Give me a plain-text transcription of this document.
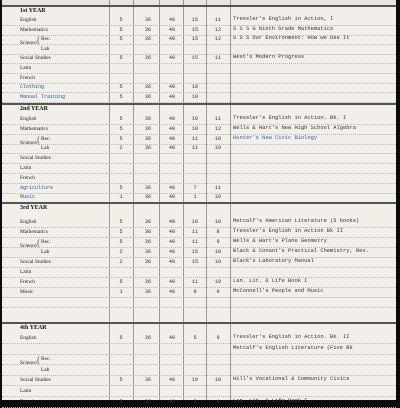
1st YEAR
English	5	36	40	15	11	Tressler's English in Action, I
Mathematics	5	36	40	15	12	S S S G Ninth Grade Mathematics
Science { Rec.	5	36	40	15	12	S S S Our Environment: How we Use It
Lab
Social Studies	5	36	40	15	11	West's Modern Progress
Latin
French
Clothing	5	36	40	10
Manual Training	5	36	40	10
2nd YEAR
English	5	36	40	10	11	Tressler's English in Action. Bk. I
Mathematics	5	36	40	10	12	Wells & Hart's New High School Algebra
Science { Rec.	5	36	40	11	10	Hunter's New Civic Biology
Lab	2	36	40	11	10
Social Studies
Latin
French
Agriculture	5	36	40	7	11
Music	1	36	40	1	10
3rd YEAR
English	5	36	40	10	10	Metcalf's American Literature (5 books)
Mathematics	5	36	40	11	8	Tressler's English in Action Bk II
Science { Rec.	5	36	40	11	9	Wells & Hart's Plane Geometry
Lab	2	36	40	15	10	Black & Conant's Practical Chemistry, Rev.
Social Studies	2	36	40	15	10	Black's Laboratory Manual
Latin
French	5	36	40	11	10	Lan. Lit. & Life Book I
Music	1	36	40	9	9	McConnell's People and Music
4th YEAR
English	5	36	40	5	9	Tressler's English in Action. Bk. II
Metcalf's English Literature (Five Bk
Science { Rec.
Lab
Social Studies	5	36	40	10	10	Hill's Vocational & Community Civics
Latin
French	5	36	40	5	4	Lan. Lit. & Life Book I
